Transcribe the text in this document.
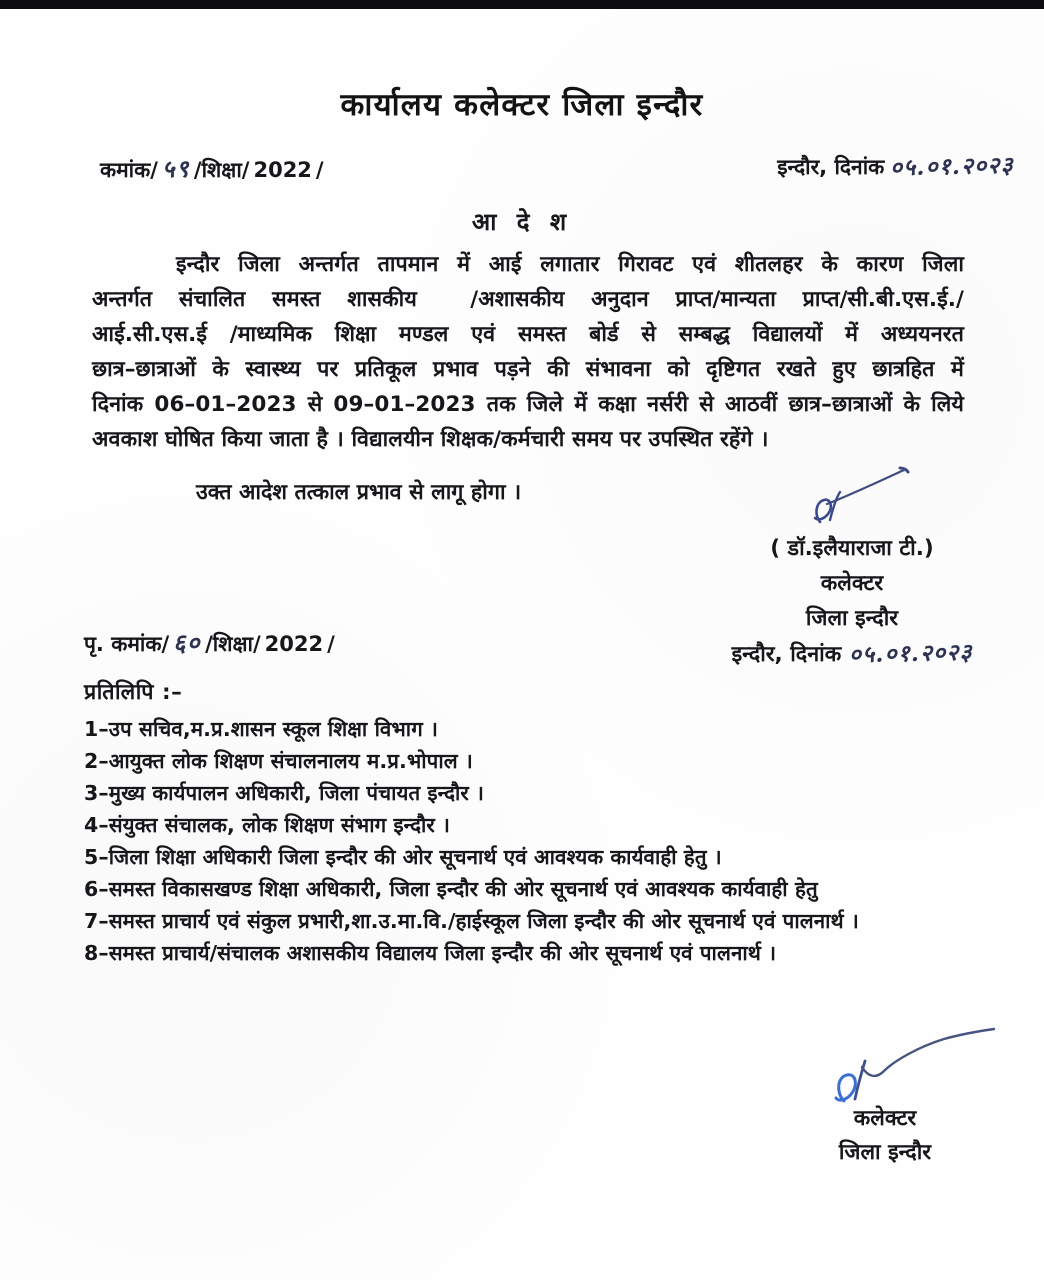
कार्यालय कलेक्टर जिला इन्दौर
कमांक/ ५९ /शिक्षा/ 2022 /	इन्दौर, दिनांक ०५.०१.२०२३
आ दे श
इन्दौर जिला अन्तर्गत तापमान में आई लगातार गिरावट एवं शीतलहर के कारण जिला
अन्तर्गत संचालित समस्त शासकीय  /अशासकीय अनुदान प्राप्त/मान्यता प्राप्त/सी.बी.एस.ई./
आई.सी.एस.ई /माध्यमिक शिक्षा मण्डल एवं समस्त बोर्ड से सम्बद्ध विद्यालयों में अध्ययनरत
छात्र–छात्राओं के स्वास्थ्य पर प्रतिकूल प्रभाव पड़ने की संभावना को दृष्टिगत रखते हुए छात्रहित में
दिनांक 06–01–2023 से 09–01–2023 तक जिले में कक्षा नर्सरी से आठवीं छात्र–छात्राओं के लिये
अवकाश घोषित किया जाता है । विद्यालयीन शिक्षक/कर्मचारी समय पर उपस्थित रहेंगे ।
उक्त आदेश तत्काल प्रभाव से लागू होगा ।
( डॉ.इलैयाराजा टी.)
कलेक्टर
जिला इन्दौर
इन्दौर, दिनांक ०५.०१.२०२३
पृ. कमांक/ ६० /शिक्षा/ 2022 /
प्रतिलिपि :–
1–उप सचिव,म.प्र.शासन स्कूल शिक्षा विभाग ।
2–आयुक्त लोक शिक्षण संचालनालय म.प्र.भोपाल ।
3–मुख्य कार्यपालन अधिकारी, जिला पंचायत इन्दौर ।
4–संयुक्त संचालक, लोक शिक्षण संभाग इन्दौर ।
5–जिला शिक्षा अधिकारी जिला इन्दौर की ओर सूचनार्थ एवं आवश्यक कार्यवाही हेतु ।
6–समस्त विकासखण्ड शिक्षा अधिकारी, जिला इन्दौर की ओर सूचनार्थ एवं आवश्यक कार्यवाही हेतु
7–समस्त प्राचार्य एवं संकुल प्रभारी,शा.उ.मा.वि./हाईस्कूल जिला इन्दौर की ओर सूचनार्थ एवं पालनार्थ ।
8–समस्त प्राचार्य/संचालक अशासकीय विद्यालय जिला इन्दौर की ओर सूचनार्थ एवं पालनार्थ ।
कलेक्टर
जिला इन्दौर
